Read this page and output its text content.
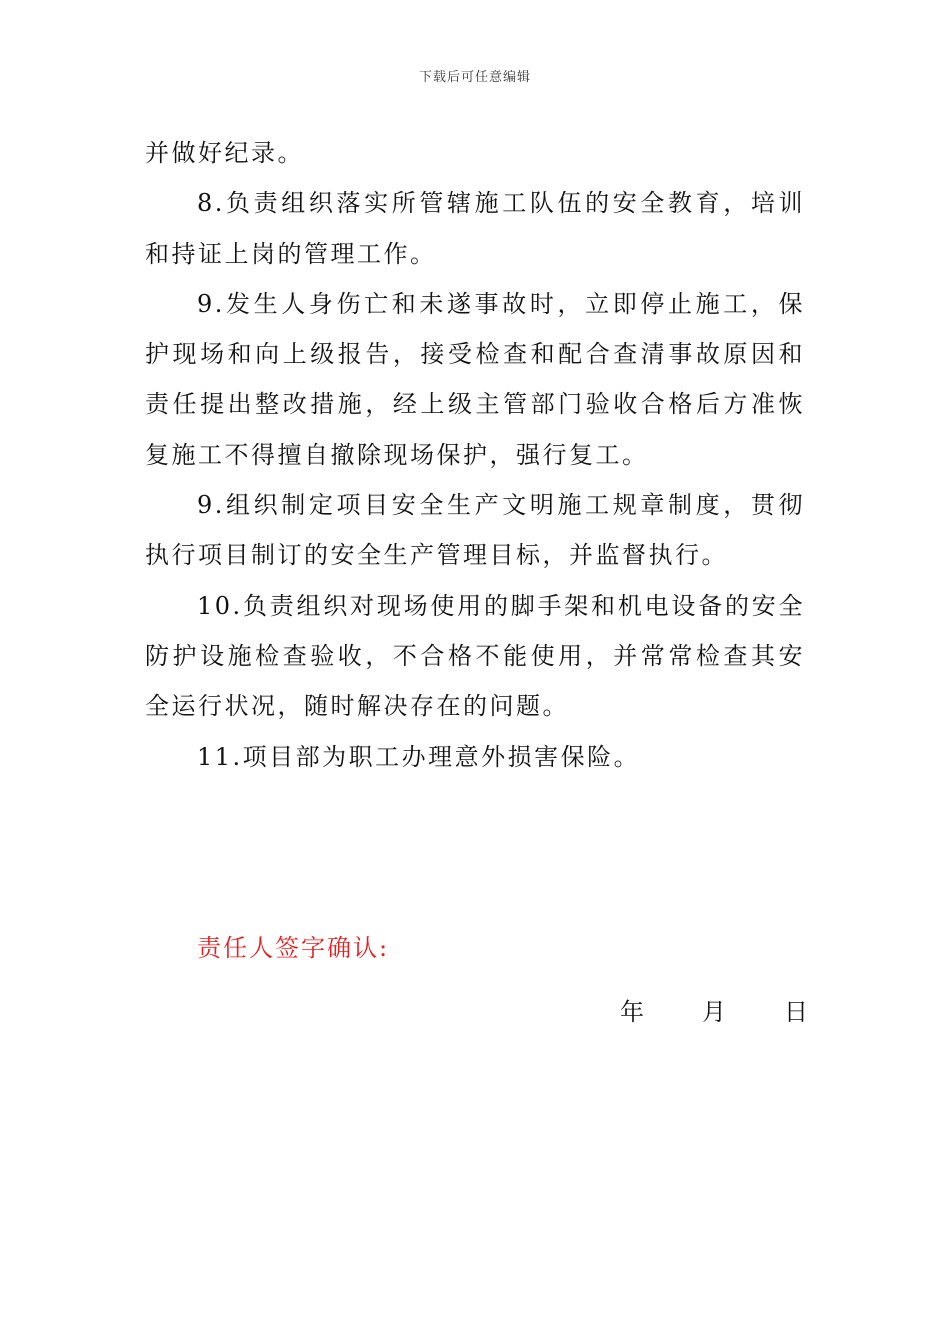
下载后可任意编辑

并做好纪录。

8.负责组织落实所管辖施工队伍的安全教育，培训和持证上岗的管理工作。

9.发生人身伤亡和未遂事故时，立即停止施工，保护现场和向上级报告，接受检查和配合查清事故原因和责任提出整改措施，经上级主管部门验收合格后方准恢复施工不得擅自撤除现场保护，强行复工。

9.组织制定项目安全生产文明施工规章制度，贯彻执行项目制订的安全生产管理目标，并监督执行。

10.负责组织对现场使用的脚手架和机电设备的安全防护设施检查验收，不合格不能使用，并常常检查其安全运行状况，随时解决存在的问题。

11.项目部为职工办理意外损害保险。

责任人签字确认:
年 月 日
